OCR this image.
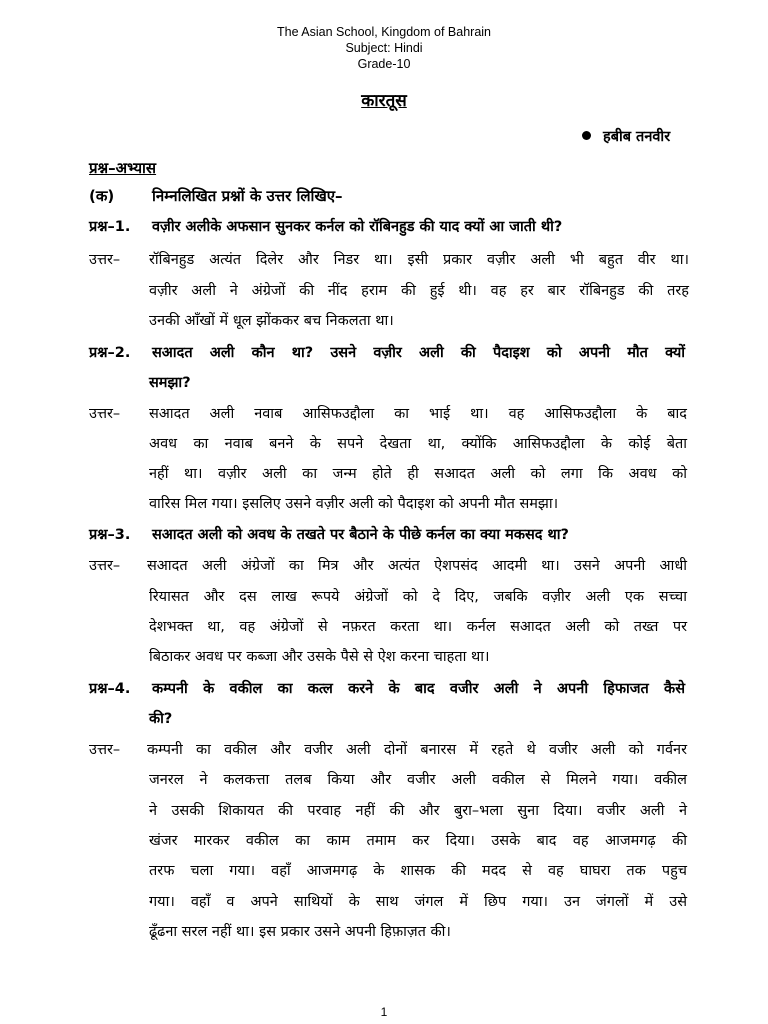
The Asian School, Kingdom of Bahrain
Subject: Hindi
Grade-10
कारतूस
हबीब तनवीर
प्रश्न–अभ्यास
(क)	निम्नलिखित प्रश्नों के उत्तर लिखिए–
प्रश्न–1. वज़ीर अलीके अफसान सुनकर कर्नल को रॉबिनहुड की याद क्यों आ जाती थी?
उत्तर– रॉबिनहुड अत्यंत दिलेर और निडर था। इसी प्रकार वज़ीर अली भी बहुत वीर था।
वज़ीर अली ने अंग्रेजों की नींद हराम की हुई थी। वह हर बार रॉबिनहुड की तरह
उनकी आँखों में धूल झोंककर बच निकलता था।
प्रश्न–2. सआदत अली कौन था? उसने वज़ीर अली की पैदाइश को अपनी मौत क्यों
समझा?
उत्तर– सआदत अली नवाब आसिफउद्दौला का भाई था। वह आसिफउद्दौला के बाद
अवध का नवाब बनने के सपने देखता था, क्योंकि आसिफउद्दौला के कोई बेता
नहीं था। वज़ीर अली का जन्म होते ही सआदत अली को लगा कि अवध को
वारिस मिल गया। इसलिए उसने वज़ीर अली को पैदाइश को अपनी मौत समझा।
प्रश्न–3. सआदत अली को अवध के तखते पर बैठाने के पीछे कर्नल का क्या मकसद था?
उत्तर– सआदत अली अंग्रेजों का मित्र और अत्यंत ऐशपसंद आदमी था। उसने अपनी आधी
रियासत और दस लाख रूपये अंग्रेजों को दे दिए, जबकि वज़ीर अली एक सच्चा
देशभक्त था, वह अंग्रेजों से नफ़रत करता था। कर्नल सआदत अली को तख्त पर
बिठाकर अवध पर कब्जा और उसके पैसे से ऐश करना चाहता था।
प्रश्न–4. कम्पनी के वकील का कत्ल करने के बाद वजीर अली ने अपनी हिफाजत कैसे
की?
उत्तर– कम्पनी का वकील और वजीर अली दोनों बनारस में रहते थे वजीर अली को गर्वनर
जनरल ने कलकत्ता तलब किया और वजीर अली वकील से मिलने गया। वकील
ने उसकी शिकायत की परवाह नहीं की और बुरा–भला सुना दिया। वजीर अली ने
खंजर मारकर वकील का काम तमाम कर दिया। उसके बाद वह आजमगढ़ की
तरफ चला गया। वहाँ आजमगढ़ के शासक की मदद से वह घाघरा तक पहुच
गया। वहाँ व अपने साथियों के साथ जंगल में छिप गया। उन जंगलों में उसे
ढूँढना सरल नहीं था। इस प्रकार उसने अपनी हिफ़ाज़त की।
1
